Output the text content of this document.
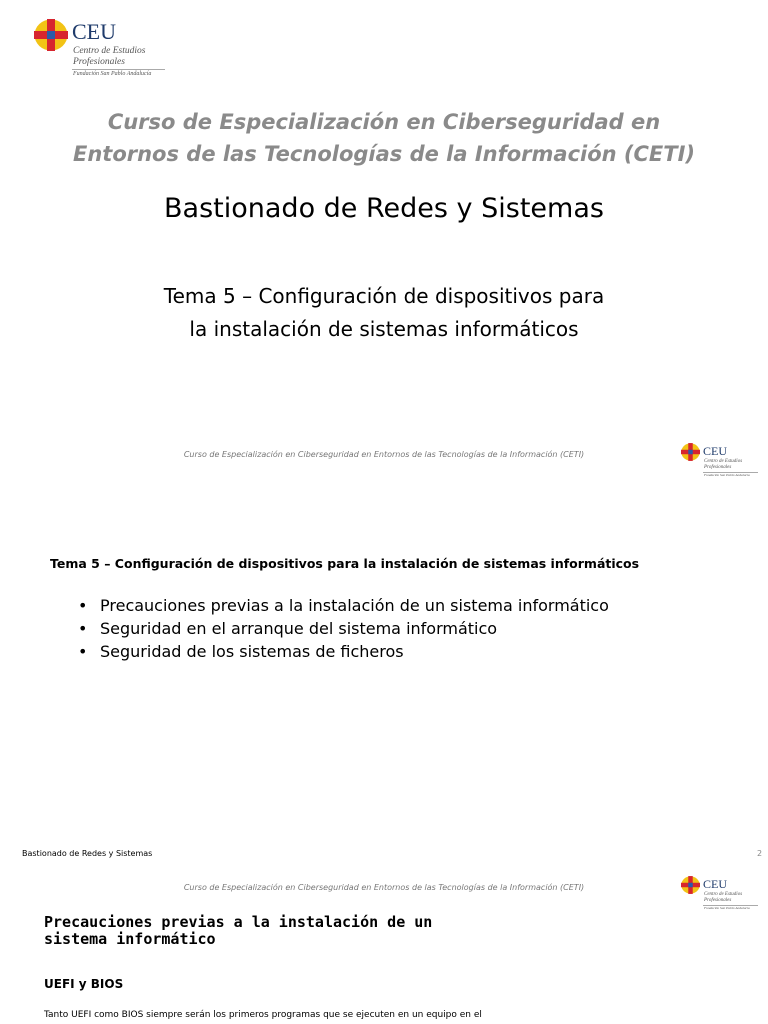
CEU
Centro de Estudios
Profesionales
Fundación San Pablo Andalucía
Curso de Especialización en Ciberseguridad en
Entornos de las Tecnologías de la Información (CETI)
Bastionado de Redes y Sistemas
Tema 5 – Configuración de dispositivos para
la instalación de sistemas informáticos
Curso de Especialización en Ciberseguridad en Entornos de las Tecnologías de la Información (CETI)	CEU
Centro de Estudios
Profesionales
Fundación San Pablo Andalucía
Tema 5 – Configuración de dispositivos para la instalación de sistemas informáticos
• Precauciones previas a la instalación de un sistema informático
• Seguridad en el arranque del sistema informático
• Seguridad de los sistemas de ficheros
Bastionado de Redes y Sistemas	2
Curso de Especialización en Ciberseguridad en Entornos de las Tecnologías de la Información (CETI)	CEU
Centro de Estudios
Profesionales
Fundación San Pablo Andalucía
Precauciones previas a la instalación de un
sistema informático
UEFI y BIOS
Tanto UEFI como BIOS siempre serán los primeros programas que se ejecuten en un equipo en el
